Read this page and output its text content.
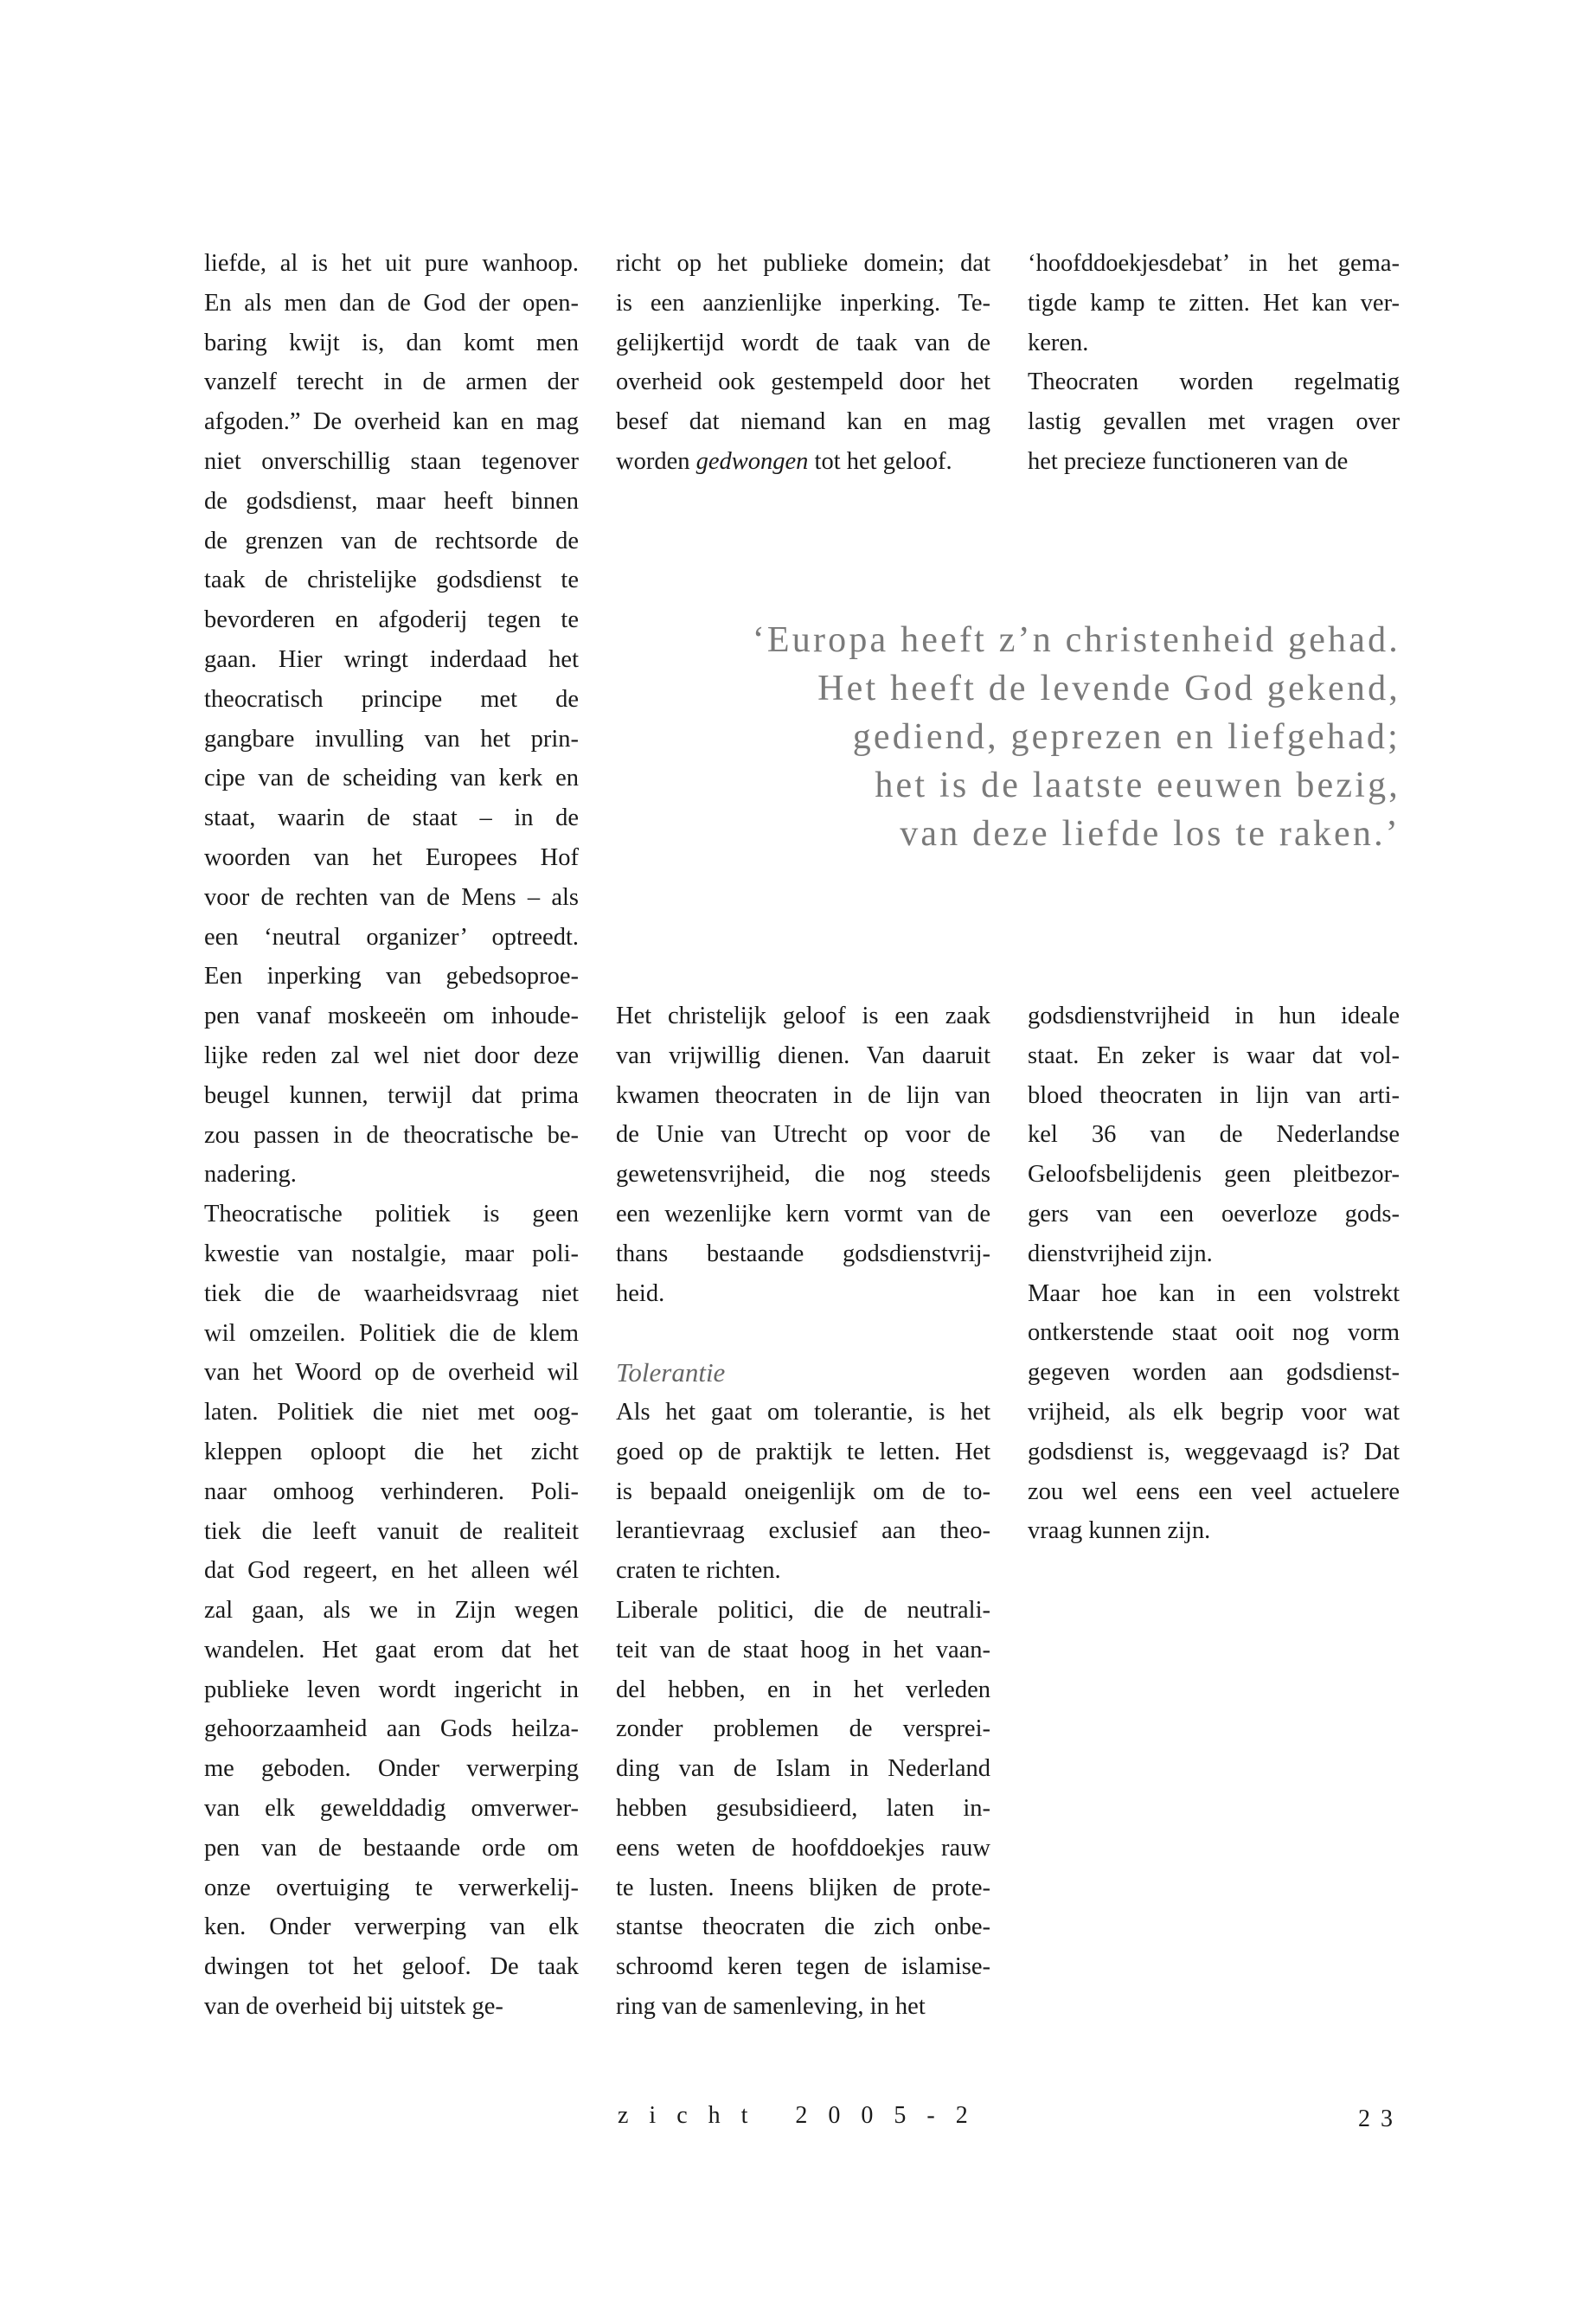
liefde, al is het uit pure wanhoop.
En als men dan de God der open-
baring kwijt is, dan komt men
vanzelf terecht in de armen der
afgoden.” De overheid kan en mag
niet onverschillig staan tegenover
de godsdienst, maar heeft binnen
de grenzen van de rechtsorde de
taak de christelijke godsdienst te
bevorderen en afgoderij tegen te
gaan. Hier wringt inderdaad het
theocratisch principe met de
gangbare invulling van het prin-
cipe van de scheiding van kerk en
staat, waarin de staat – in de
woorden van het Europees Hof
voor de rechten van de Mens – als
een ‘neutral organizer’ optreedt.
Een inperking van gebedsoproe-
pen vanaf moskeeën om inhoude-
lijke reden zal wel niet door deze
beugel kunnen, terwijl dat prima
zou passen in de theocratische be-
nadering.
Theocratische politiek is geen
kwestie van nostalgie, maar poli-
tiek die de waarheidsvraag niet
wil omzeilen. Politiek die de klem
van het Woord op de overheid wil
laten. Politiek die niet met oog-
kleppen oploopt die het zicht
naar omhoog verhinderen. Poli-
tiek die leeft vanuit de realiteit
dat God regeert, en het alleen wél
zal gaan, als we in Zijn wegen
wandelen. Het gaat erom dat het
publieke leven wordt ingericht in
gehoorzaamheid aan Gods heilza-
me geboden. Onder verwerping
van elk gewelddadig omverwer-
pen van de bestaande orde om
onze overtuiging te verwerkelij-
ken. Onder verwerping van elk
dwingen tot het geloof. De taak
van de overheid bij uitstek ge-
richt op het publieke domein; dat
is een aanzienlijke inperking. Te-
gelijkertijd wordt de taak van de
overheid ook gestempeld door het
besef dat niemand kan en mag
worden gedwongen tot het geloof.
‘hoofddoekjesdebat’ in het gema-
tigde kamp te zitten. Het kan ver-
keren.
Theocraten worden regelmatig
lastig gevallen met vragen over
het precieze functioneren van de
‘Europa heeft z’n christenheid gehad.
Het heeft de levende God gekend,
gediend, geprezen en liefgehad;
het is de laatste eeuwen bezig,
van deze liefde los te raken.’
Het christelijk geloof is een zaak
van vrijwillig dienen. Van daaruit
kwamen theocraten in de lijn van
de Unie van Utrecht op voor de
gewetensvrijheid, die nog steeds
een wezenlijke kern vormt van de
thans bestaande godsdienstvrij-
heid.
Tolerantie
Als het gaat om tolerantie, is het
goed op de praktijk te letten. Het
is bepaald oneigenlijk om de to-
lerantievraag exclusief aan theo-
craten te richten.
Liberale politici, die de neutrali-
teit van de staat hoog in het vaan-
del hebben, en in het verleden
zonder problemen de versprei-
ding van de Islam in Nederland
hebben gesubsidieerd, laten in-
eens weten de hoofddoekjes rauw
te lusten. Ineens blijken de prote-
stantse theocraten die zich onbe-
schroomd keren tegen de islamise-
ring van de samenleving, in het
godsdienstvrijheid in hun ideale
staat. En zeker is waar dat vol-
bloed theocraten in lijn van arti-
kel 36 van de Nederlandse
Geloofsbelijdenis geen pleitbezor-
gers van een oeverloze gods-
dienstvrijheid zijn.
Maar hoe kan in een volstrekt
ontkerstende staat ooit nog vorm
gegeven worden aan godsdienst-
vrijheid, als elk begrip voor wat
godsdienst is, weggevaagd is? Dat
zou wel eens een veel actuelere
vraag kunnen zijn.
zicht 2005-2	23
